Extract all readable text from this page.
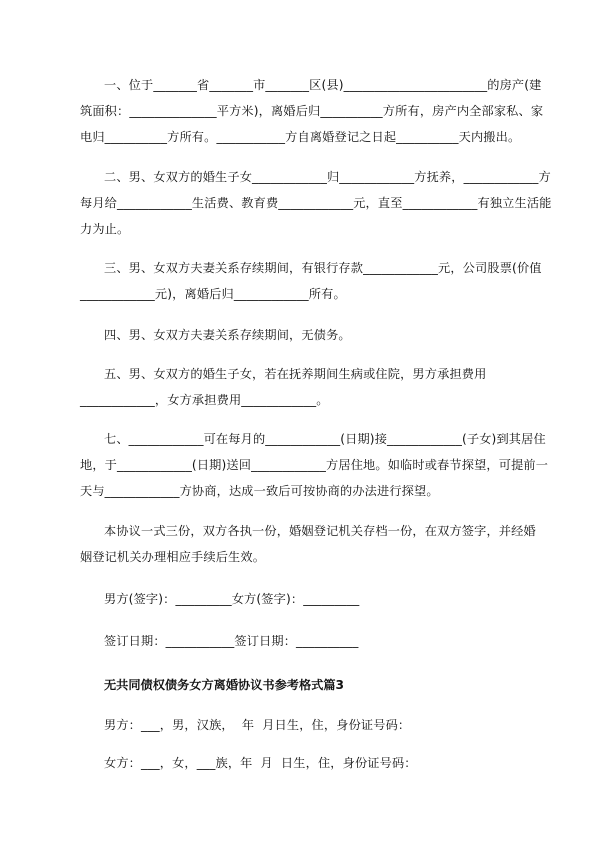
一、位于_______省_______市_______区(县)_______________________的房产(建
筑面积：______________平方米)，离婚后归__________方所有，房产内全部家私、家
电归__________方所有。___________方自离婚登记之日起__________天内搬出。
二、男、女双方的婚生子女____________归____________方抚养，____________方
每月给____________生活费、教育费____________元，直至____________有独立生活能
力为止。
三、男、女双方夫妻关系存续期间，有银行存款____________元，公司股票(价值
____________元)，离婚后归____________所有。
四、男、女双方夫妻关系存续期间，无债务。
五、男、女双方的婚生子女，若在抚养期间生病或住院，男方承担费用
____________，女方承担费用____________。
七、____________可在每月的____________(日期)接____________(子女)到其居住
地，于____________(日期)送回____________方居住地。如临时或春节探望，可提前一
天与____________方协商，达成一致后可按协商的办法进行探望。
本协议一式三份，双方各执一份，婚姻登记机关存档一份，在双方签字，并经婚
姻登记机关办理相应手续后生效。
男方(签字)：_________女方(签字)：_________
签订日期：___________签订日期：__________
无共同债权债务女方离婚协议书参考格式篇3
男方：___，男，汉族，  年  月日生，住，身份证号码：
女方：___，女，___族，年  月  日生，住，身份证号码：
